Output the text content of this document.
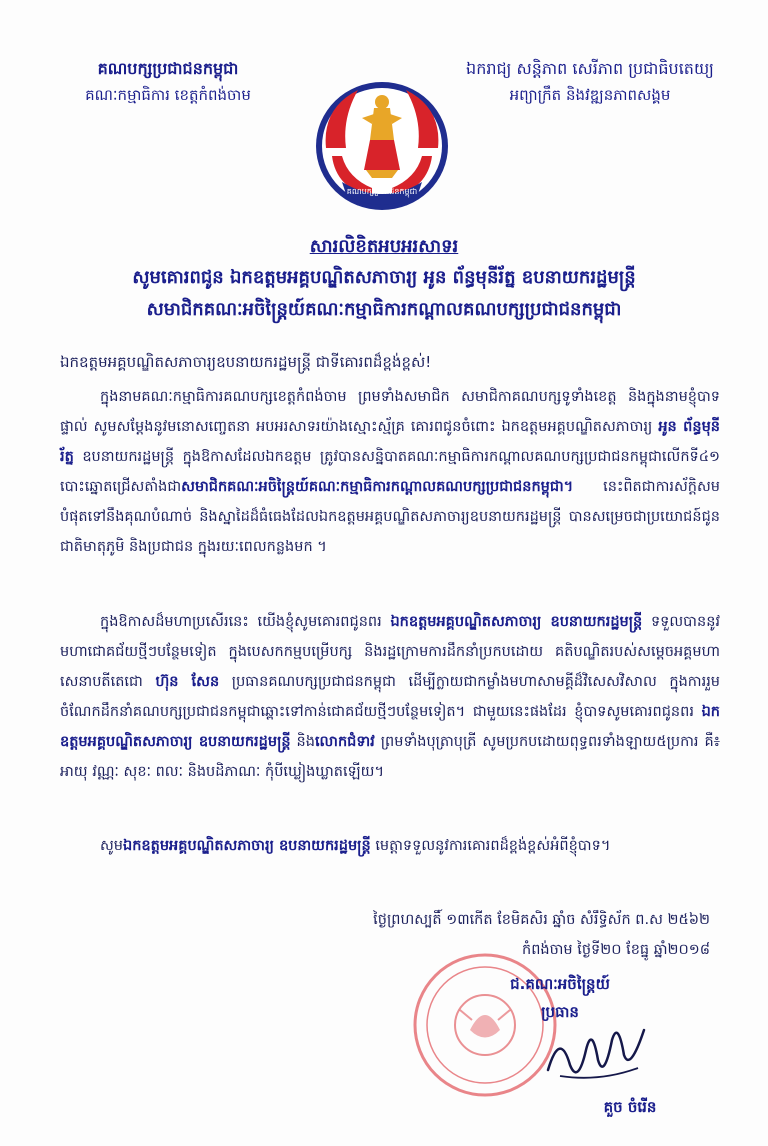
គណបក្សប្រជាជនកម្ពុជា
គណៈកម្មាធិការ ខេត្តកំពង់ចាម
ឯករាជ្យ សន្តិភាព សេរីភាព ប្រជាធិបតេយ្យ
អព្យាក្រឹត និងវឌ្ឍនភាពសង្គម
គណបក្សប្រជាជនកម្ពុជា
សារលិខិតអបអរសាទរ
សូមគោរពជូន ឯកឧត្តមអគ្គបណ្ឌិតសភាចារ្យ អូន ព័ន្ធមុនីរ័ត្ន ឧបនាយករដ្ឋមន្ត្រី
សមាជិកគណៈអចិន្ត្រៃយ៍គណៈកម្មាធិការកណ្តាលគណបក្សប្រជាជនកម្ពុជា
ឯកឧត្តមអគ្គបណ្ឌិតសភាចារ្យឧបនាយករដ្ឋមន្ត្រី ជាទីគោរពដ៏ខ្ពង់ខ្ពស់!
ក្នុងនាមគណៈកម្មាធិការគណបក្សខេត្តកំពង់ចាម ព្រមទាំងសមាជិក សមាជិកាគណបក្សទូទាំងខេត្ត និងក្នុងនាមខ្ញុំបាទផ្ទាល់ សូមសម្តែងនូវមនោសញ្ចេតនា អបអរសាទរយ៉ាងស្មោះស្ម័គ្រ គោរពជូនចំពោះ ឯកឧត្តមអគ្គបណ្ឌិតសភាចារ្យ អូន ព័ន្ធមុនីរ័ត្ន ឧបនាយករដ្ឋមន្ត្រី ក្នុងឱកាសដែលឯកឧត្តម ត្រូវបានសន្និបាតគណៈកម្មាធិការកណ្តាលគណបក្សប្រជាជនកម្ពុជាលើកទី៤១ បោះឆ្នោតជ្រើសតាំងជាសមាជិកគណៈអចិន្ត្រៃយ៍គណៈកម្មាធិការកណ្តាលគណបក្សប្រជាជនកម្ពុជា។ នេះពិតជាការស័ក្តិសមបំផុតទៅនឹងគុណបំណាច់ និងស្នាដៃដ៏ធំធេងដែលឯកឧត្តមអគ្គបណ្ឌិតសភាចារ្យឧបនាយករដ្ឋមន្ត្រី បានសម្រេចជាប្រយោជន៍ជូនជាតិមាតុភូមិ និងប្រជាជន ក្នុងរយៈពេលកន្លងមក ។
ក្នុងឱកាសដ៏មហាប្រសើរនេះ យើងខ្ញុំសូមគោរពជូនពរ ឯកឧត្តមអគ្គបណ្ឌិតសភាចារ្យ ឧបនាយករដ្ឋមន្ត្រី ទទួលបាននូវមហាជោគជ័យថ្មីៗបន្ថែមទៀត ក្នុងបេសកកម្មបម្រើបក្ស និងរដ្ឋក្រោមការដឹកនាំប្រកបដោយ គតិបណ្ឌិតរបស់សម្តេចអគ្គមហាសេនាបតីតេជោ ហ៊ុន សែន ប្រធានគណបក្សប្រជាជនកម្ពុជា ដើម្បីក្លាយជាកម្លាំងមហាសាមគ្គីដ៏វិសេសវិសាល ក្នុងការរួមចំណែកដឹកនាំគណបក្សប្រជាជនកម្ពុជាឆ្ពោះទៅកាន់ជោគជ័យថ្មីៗបន្ថែមទៀត។ ជាមួយនេះផងដែរ ខ្ញុំបាទសូមគោរពជូនពរ ឯកឧត្តមអគ្គបណ្ឌិតសភាចារ្យ ឧបនាយករដ្ឋមន្ត្រី និងលោកជំទាវ ព្រមទាំងបុត្រាបុត្រី សូមប្រកបដោយពុទ្ធពរទាំងឡាយ៥ប្រការ គឺ៖ អាយុ វណ្ណៈ សុខៈ ពលៈ និងបដិភាណៈ កុំបីឃ្លៀងឃ្លាតឡើយ។
សូមឯកឧត្តមអគ្គបណ្ឌិតសភាចារ្យ ឧបនាយករដ្ឋមន្ត្រី មេត្តាទទួលនូវការគោរពដ៏ខ្ពង់ខ្ពស់អំពីខ្ញុំបាទ។
ថ្ងៃព្រហស្បតិ៍ ១៣កើត ខែមិគសិរ ឆ្នាំច សំរឹទ្ធិស័ក ព.ស ២៥៦២
កំពង់ចាម ថ្ងៃទី២០ ខែធ្នូ ឆ្នាំ២០១៨
ជ.គណៈអចិន្ត្រៃយ៍
ប្រធាន
គួច ចំរើន
